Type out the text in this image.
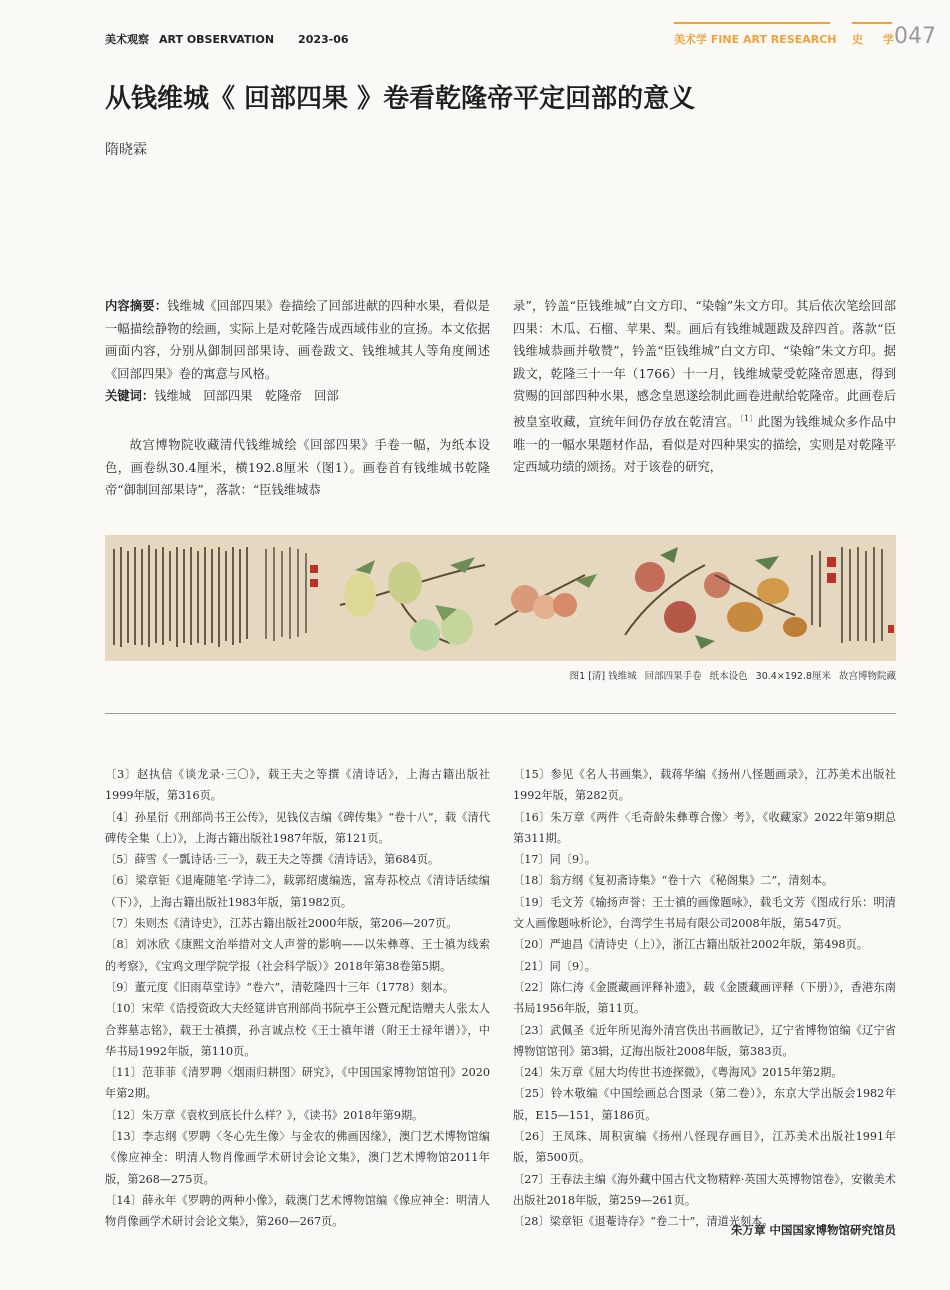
美术观察 ART OBSERVATION 2023-06	美术学 FINE ART RESEARCH 史 学
047
从钱维城《 回部四果 》卷看乾隆帝平定回部的意义
隋晓霖

内容摘要：钱维城《回部四果》卷描绘了回部进献的四种水果，看似是一幅描绘静物的绘画，实际上是对乾隆告成西域伟业的宣扬。本文依据画面内容，分别从御制回部果诗、画卷跋文、钱维城其人等角度阐述《回部四果》卷的寓意与风格。

关键词：钱维城　回部四果　乾隆帝　回部

故宫博物院收藏清代钱维城绘《回部四果》手卷一幅，为纸本设色，画卷纵30.4厘米，横192.8厘米（图1）。画卷首有钱维城书乾隆帝“御制回部果诗”，落款：“臣钱维城恭

录”，钤盖“臣钱维城”白文方印、“染翰”朱文方印。其后依次笔绘回部四果：木瓜、石榴、苹果、梨。画后有钱维城题跋及辞四首。落款“臣钱维城恭画并敬赞”，钤盖“臣钱维城”白文方印、“染翰”朱文方印。据跋文，乾隆三十一年（1766）十一月，钱维城蒙受乾隆帝恩惠，得到赏赐的回部四种水果，感念皇恩遂绘制此画卷进献给乾隆帝。此画卷后被皇室收藏，宣统年间仍存放在乾清宫。$^{〔1〕}$此图为钱维城众多作品中唯一的一幅水果题材作品，看似是对四种果实的描绘，实则是对乾隆平定西域功绩的颂扬。对于该卷的研究，

图1 [清] 钱维城 回部四果手卷 纸本设色 30.4×192.8厘米 故宫博物院藏

〔3〕赵执信《谈龙录·三〇》，载王夫之等撰《清诗话》，上海古籍出版社1999年版，第316页。

〔4〕孙星衍《刑部尚书王公传》，见钱仪吉编《碑传集》“卷十八”，载《清代碑传全集（上）》，上海古籍出版社1987年版，第121页。

〔5〕薛雪《一瓢诗话·三一》，载王夫之等撰《清诗话》，第684页。

〔6〕梁章钜《退庵随笔·学诗二》，载郭绍虞编选，富寿荪校点《清诗话续编（下）》，上海古籍出版社1983年版，第1982页。

〔7〕朱则杰《清诗史》，江苏古籍出版社2000年版，第206—207页。

〔8〕刘冰欣《康熙文治举措对文人声誉的影响——以朱彝尊、王士禛为线索的考察》，《宝鸡文理学院学报（社会科学版）》2018年第38卷第5期。

〔9〕董元度《旧雨草堂诗》“卷六”，清乾隆四十三年（1778）刻本。

〔10〕宋荦《诰授资政大夫经筵讲官刑部尚书阮亭王公暨元配诰赠夫人张太人合葬墓志铭》，载王士禛撰，孙言诚点校《王士禛年谱（附王士禄年谱）》，中华书局1992年版，第110页。

〔11〕范菲菲《清罗聘〈烟雨归耕图〉研究》，《中国国家博物馆馆刊》2020年第2期。

〔12〕朱万章《袁枚到底长什么样？》，《读书》2018年第9期。

〔13〕李志纲《罗聘〈冬心先生像〉与金农的佛画因缘》，澳门艺术博物馆编《像应神全：明清人物肖像画学术研讨会论文集》，澳门艺术博物馆2011年版，第268—275页。

〔14〕薛永年《罗聘的两种小像》，载澳门艺术博物馆编《像应神全：明清人物肖像画学术研讨会论文集》，第260—267页。

〔15〕参见《名人书画集》，载蒋华编《扬州八怪题画录》，江苏美术出版社1992年版，第282页。

〔16〕朱万章《两件〈毛奇龄朱彝尊合像〉考》，《收藏家》2022年第9期总第311期。

〔17〕同〔9〕。

〔18〕翁方纲《复初斋诗集》“卷十六 《秘阁集》二”，清刻本。

〔19〕毛文芳《输扬声誉：王士禛的画像题咏》，载毛文芳《图成行乐：明清文人画像题咏析论》，台湾学生书局有限公司2008年版，第547页。

〔20〕严迪昌《清诗史（上）》，浙江古籍出版社2002年版，第498页。

〔21〕同〔9〕。

〔22〕陈仁涛《金匮藏画评释补遗》，载《金匮藏画评释（下册）》，香港东南书局1956年版，第11页。

〔23〕武佩圣《近年所见海外清宫佚出书画散记》，辽宁省博物馆编《辽宁省博物馆馆刊》第3辑，辽海出版社2008年版，第383页。

〔24〕朱万章《屈大均传世书迹探微》，《粤海风》2015年第2期。

〔25〕铃木敬编《中国绘画总合图录（第二卷）》，东京大学出版会1982年版，E15—151，第186页。

〔26〕王凤珠、周积寅编《扬州八怪现存画目》，江苏美术出版社1991年版，第500页。

〔27〕王春法主编《海外藏中国古代文物精粹·英国大英博物馆卷》，安徽美术出版社2018年版，第259—261页。

〔28〕梁章钜《退菴诗存》“卷二十”，清道光刻本。

朱万章 中国国家博物馆研究馆员
